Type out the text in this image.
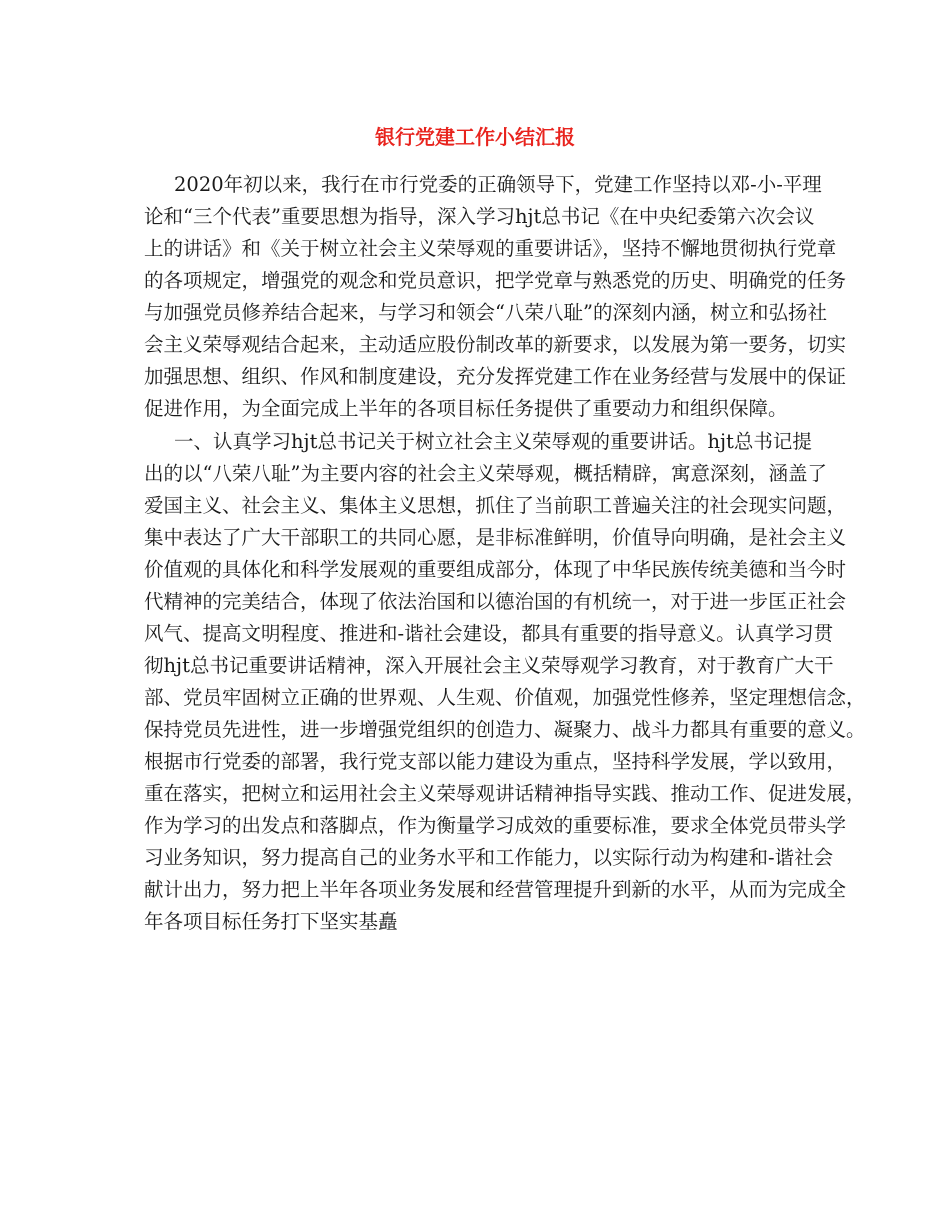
银行党建工作小结汇报

2020年初以来，我行在市行党委的正确领导下，党建工作坚持以邓-小-平理

论和“三个代表”重要思想为指导，深入学习hjt总书记《在中央纪委第六次会议

上的讲话》和《关于树立社会主义荣辱观的重要讲话》，坚持不懈地贯彻执行党章

的各项规定，增强党的观念和党员意识，把学党章与熟悉党的历史、明确党的任务

与加强党员修养结合起来，与学习和领会“八荣八耻”的深刻内涵，树立和弘扬社

会主义荣辱观结合起来，主动适应股份制改革的新要求，以发展为第一要务，切实

加强思想、组织、作风和制度建设，充分发挥党建工作在业务经营与发展中的保证

促进作用，为全面完成上半年的各项目标任务提供了重要动力和组织保障。

一、认真学习hjt总书记关于树立社会主义荣辱观的重要讲话。hjt总书记提

出的以“八荣八耻”为主要内容的社会主义荣辱观，概括精辟，寓意深刻，涵盖了

爱国主义、社会主义、集体主义思想，抓住了当前职工普遍关注的社会现实问题，

集中表达了广大干部职工的共同心愿，是非标准鲜明，价值导向明确，是社会主义

价值观的具体化和科学发展观的重要组成部分，体现了中华民族传统美德和当今时

代精神的完美结合，体现了依法治国和以德治国的有机统一，对于进一步匡正社会

风气、提高文明程度、推进和-谐社会建设，都具有重要的指导意义。认真学习贯

彻hjt总书记重要讲话精神，深入开展社会主义荣辱观学习教育，对于教育广大干

部、党员牢固树立正确的世界观、人生观、价值观，加强党性修养，坚定理想信念，

保持党员先进性，进一步增强党组织的创造力、凝聚力、战斗力都具有重要的意义。

根据市行党委的部署，我行党支部以能力建设为重点，坚持科学发展，学以致用，

重在落实，把树立和运用社会主义荣辱观讲话精神指导实践、推动工作、促进发展，

作为学习的出发点和落脚点，作为衡量学习成效的重要标准，要求全体党员带头学

习业务知识，努力提高自己的业务水平和工作能力，以实际行动为构建和-谐社会

献计出力，努力把上半年各项业务发展和经营管理提升到新的水平，从而为完成全

年各项目标任务打下坚实基矗
